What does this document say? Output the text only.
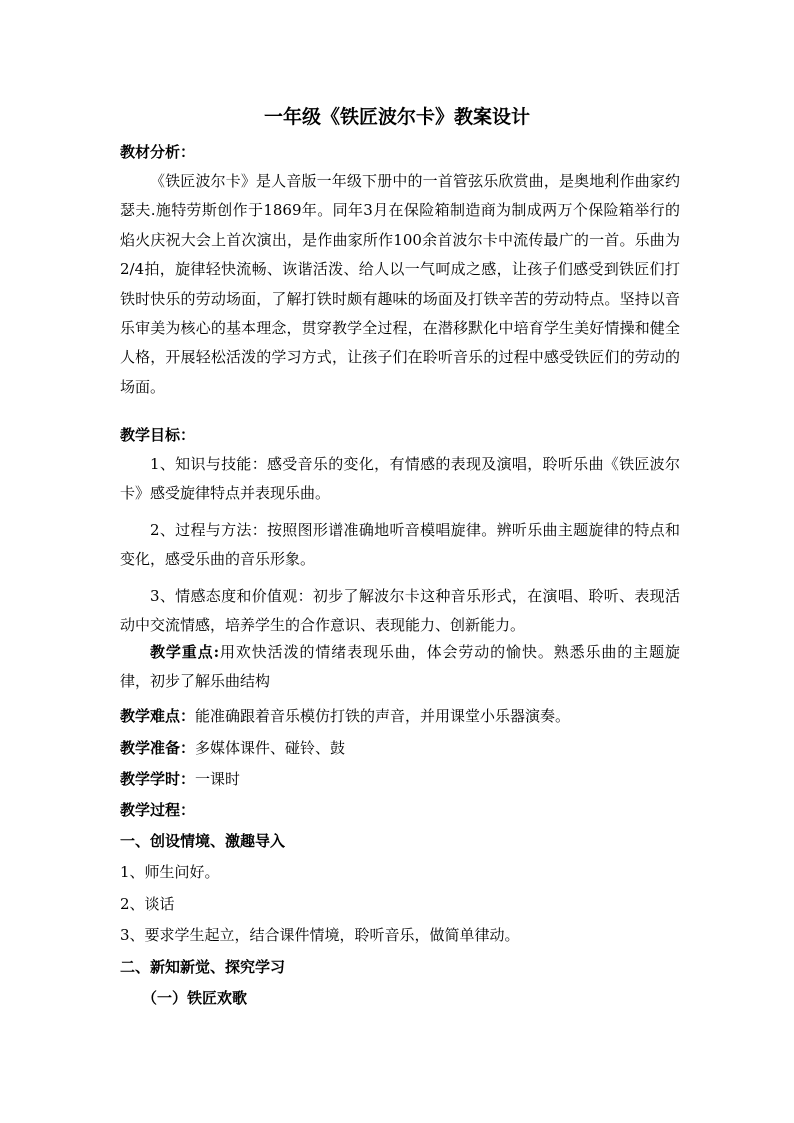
一年级《铁匠波尔卡》教案设计
教材分析：

《铁匠波尔卡》是人音版一年级下册中的一首管弦乐欣赏曲，是奥地利作曲家约瑟夫.施特劳斯创作于1869年。同年3月在保险箱制造商为制成两万个保险箱举行的焰火庆祝大会上首次演出，是作曲家所作100余首波尔卡中流传最广的一首。乐曲为2/4拍，旋律轻快流畅、诙谐活泼、给人以一气呵成之感，让孩子们感受到铁匠们打铁时快乐的劳动场面，了解打铁时颇有趣味的场面及打铁辛苦的劳动特点。坚持以音乐审美为核心的基本理念，贯穿教学全过程，在潜移默化中培育学生美好情操和健全人格，开展轻松活泼的学习方式，让孩子们在聆听音乐的过程中感受铁匠们的劳动的场面。

教学目标：

1、知识与技能：感受音乐的变化，有情感的表现及演唱，聆听乐曲《铁匠波尔卡》感受旋律特点并表现乐曲。

2、过程与方法：按照图形谱准确地听音模唱旋律。辨听乐曲主题旋律的特点和变化，感受乐曲的音乐形象。

3、情感态度和价值观：初步了解波尔卡这种音乐形式，在演唱、聆听、表现活动中交流情感，培养学生的合作意识、表现能力、创新能力。

教学重点:用欢快活泼的情绪表现乐曲，体会劳动的愉快。熟悉乐曲的主题旋律，初步了解乐曲结构

教学难点：能准确跟着音乐模仿打铁的声音，并用课堂小乐器演奏。
教学准备：多媒体课件、碰铃、鼓
教学学时：一课时
教学过程：
一、创设情境、激趣导入
1、师生问好。
2、谈话
3、要求学生起立，结合课件情境，聆听音乐，做简单律动。
二、新知新觉、探究学习
（一）铁匠欢歌
